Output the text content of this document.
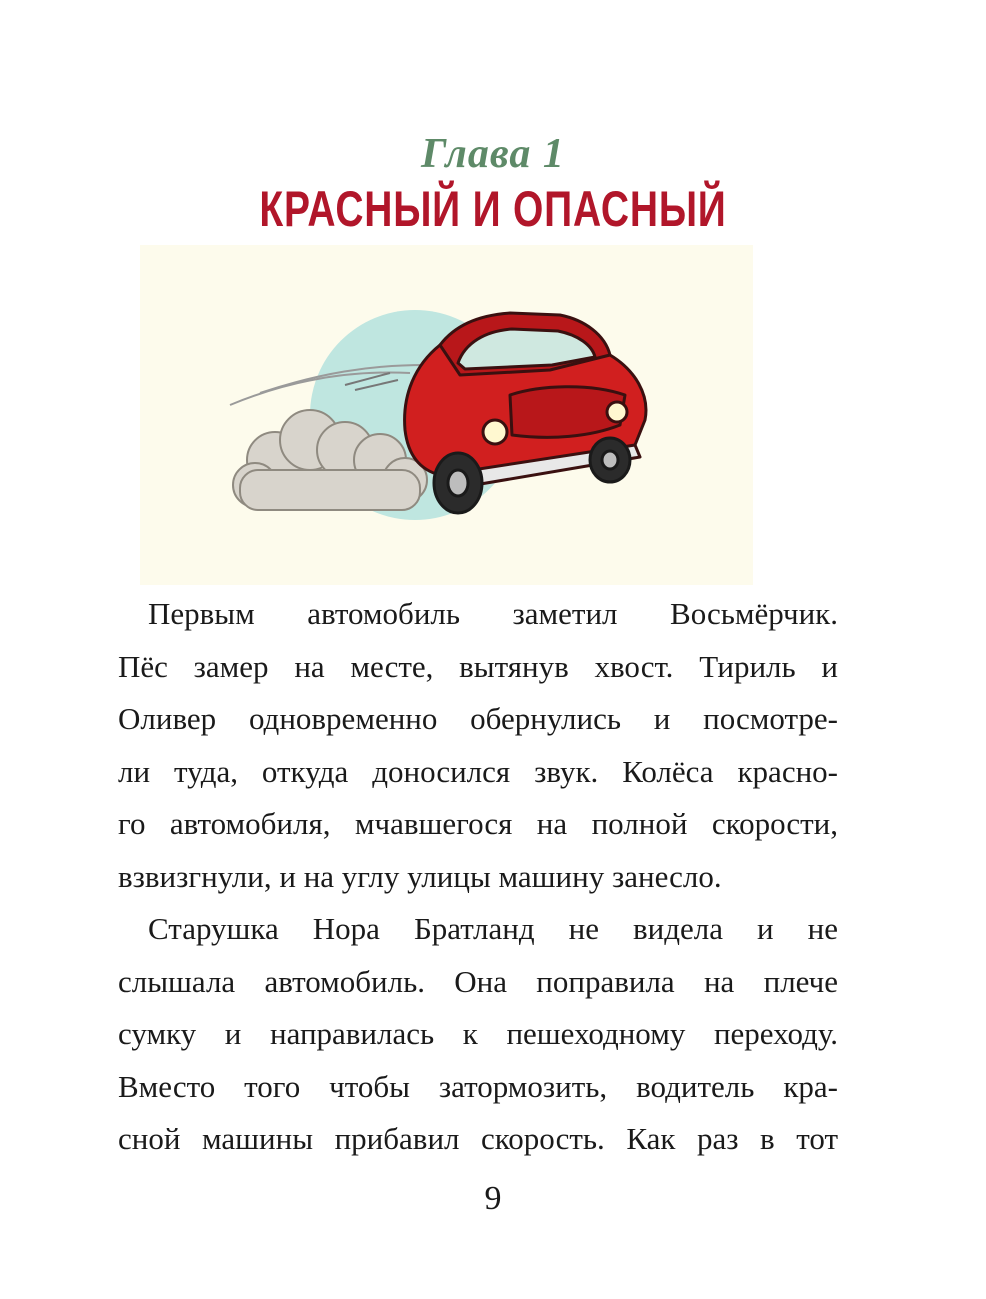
Глава 1
КРАСНЫЙ И ОПАСНЫЙ

Первым автомобиль заметил Восьмёрчик.
Пёс замер на месте, вытянув хвост. Тириль и
Оливер одновременно обернулись и посмотре-
ли туда, откуда доносился звук. Колёса красно-
го автомобиля, мчавшегося на полной скорости,
взвизгнули, и на углу улицы машину занесло.

Старушка Нора Братланд не видела и не
слышала автомобиль. Она поправила на плече
сумку и направилась к пешеходному переходу.
Вместо того чтобы затормозить, водитель кра-
сной машины прибавил скорость. Как раз в тот

9
